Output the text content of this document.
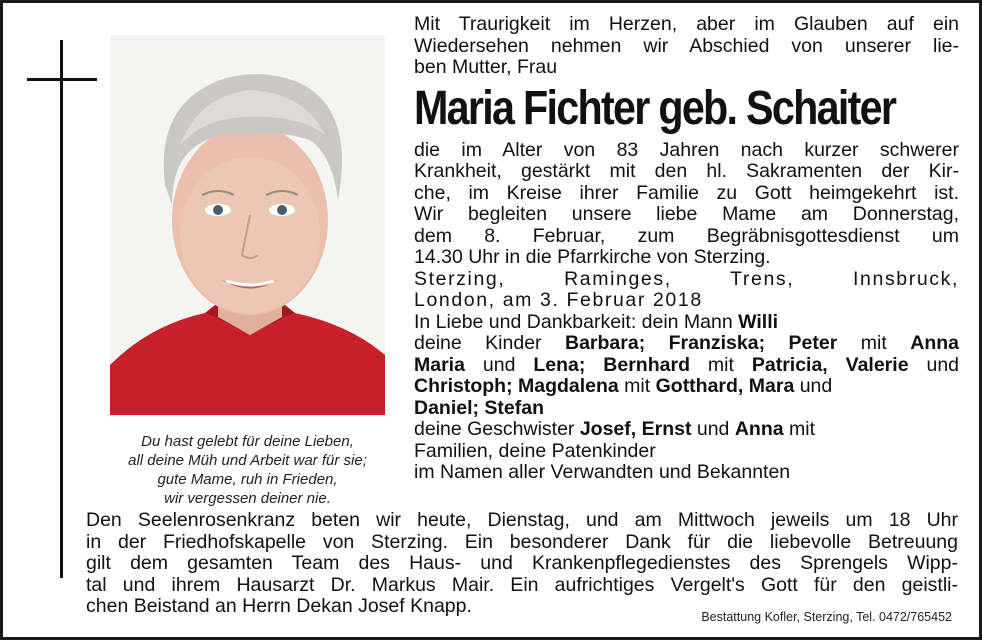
Du hast gelebt für deine Lieben,
all deine Müh und Arbeit war für sie;
gute Mame, ruh in Frieden,
wir vergessen deiner nie.
Mit Traurigkeit im Herzen, aber im Glauben auf ein
Wiedersehen nehmen wir Abschied von unserer lie-
ben Mutter, Frau
Maria Fichter geb. Schaiter
die im Alter von 83 Jahren nach kurzer schwerer
Krankheit, gestärkt mit den hl. Sakramenten der Kir-
che, im Kreise ihrer Familie zu Gott heimgekehrt ist.
Wir begleiten unsere liebe Mame am Donnerstag,
dem 8. Februar, zum Begräbnisgottesdienst um
14.30 Uhr in die Pfarrkirche von Sterzing.
Sterzing, Raminges, Trens, Innsbruck,
London, am 3. Februar 2018
In Liebe und Dankbarkeit: dein Mann Willi
deine Kinder Barbara; Franziska; Peter mit Anna
Maria und Lena; Bernhard mit Patricia, Valerie und
Christoph; Magdalena mit Gotthard, Mara und
Daniel; Stefan
deine Geschwister Josef, Ernst und Anna mit
Familien, deine Patenkinder
im Namen aller Verwandten und Bekannten
Den Seelenrosenkranz beten wir heute, Dienstag, und am Mittwoch jeweils um 18 Uhr
in der Friedhofskapelle von Sterzing. Ein besonderer Dank für die liebevolle Betreuung
gilt dem gesamten Team des Haus- und Krankenpflegedienstes des Sprengels Wipp-
tal und ihrem Hausarzt Dr. Markus Mair. Ein aufrichtiges Vergelt's Gott für den geistli-
chen Beistand an Herrn Dekan Josef Knapp.	Bestattung Kofler, Sterzing, Tel. 0472/765452
